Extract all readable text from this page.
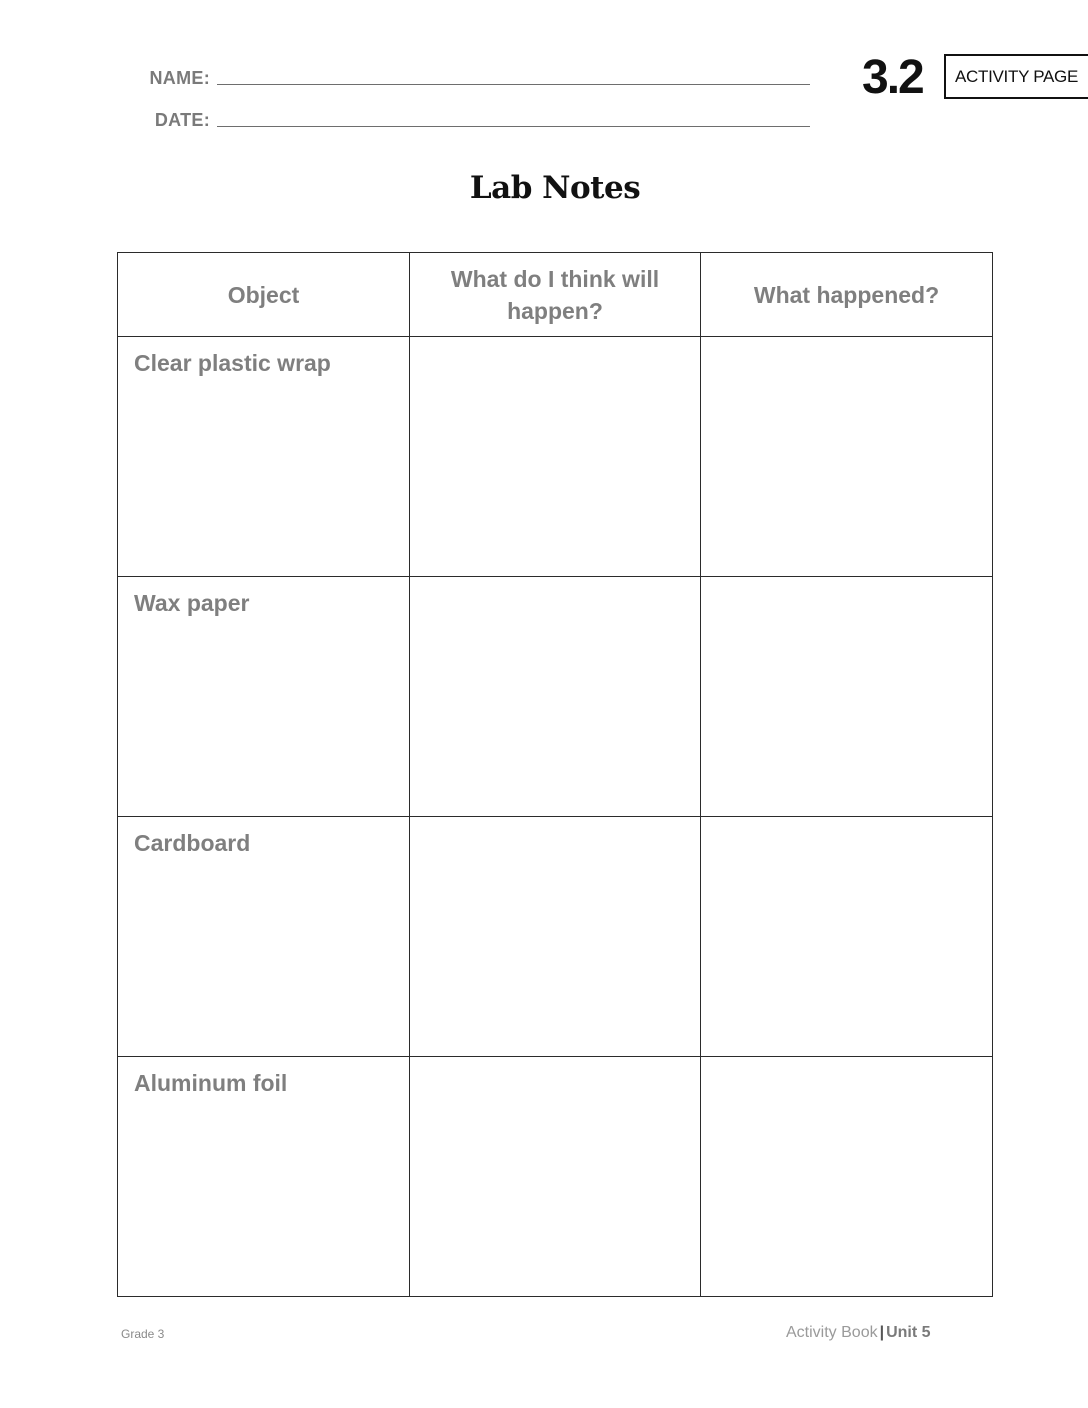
NAME:
DATE:
3.2	ACTIVITY PAGE
Lab Notes
Object	What do I think will happen?	What happened?

Clear plastic wrap		

Wax paper		

Cardboard		

Aluminum foil		

Grade 3	Activity Book | Unit 5
